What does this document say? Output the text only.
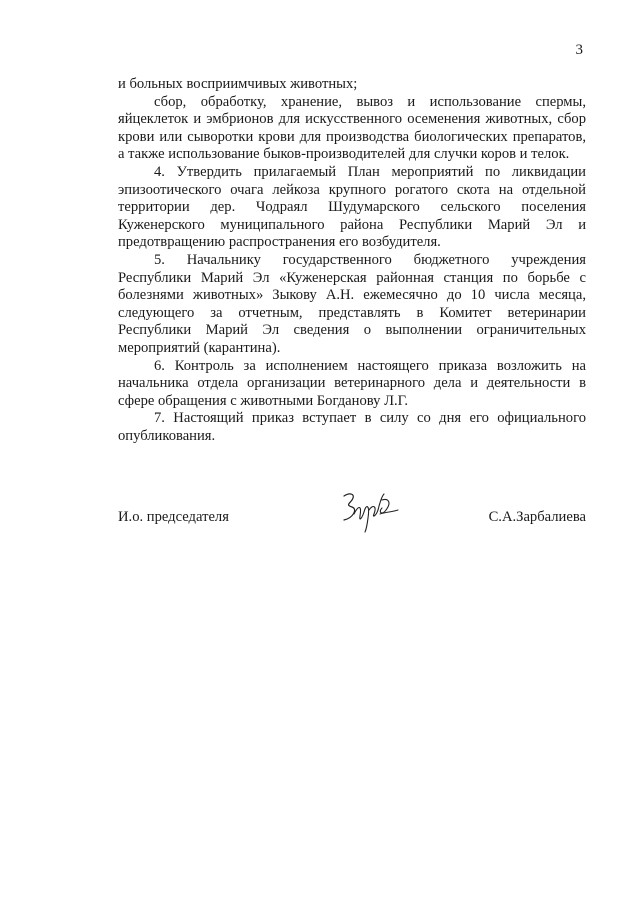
3

и больных восприимчивых животных;

сбор, обработку, хранение, вывоз и использование спермы, яйцеклеток и эмбрионов для искусственного осеменения животных, сбор крови или сыворотки крови для производства биологических препаратов, а также использование быков-производителей для случки коров и телок.

4. Утвердить прилагаемый План мероприятий по ликвидации эпизоотического очага лейкоза крупного рогатого скота на отдельной территории дер. Чодраял Шудумарского сельского поселения Куженерского муниципального района Республики Марий Эл и предотвращению распространения его возбудителя.

5. Начальнику государственного бюджетного учреждения Республики Марий Эл «Куженерская районная станция по борьбе с болезнями животных» Зыкову А.Н. ежемесячно до 10 числа месяца, следующего за отчетным, представлять в Комитет ветеринарии Республики Марий Эл сведения о выполнении ограничительных мероприятий (карантина).

6. Контроль за исполнением настоящего приказа возложить на начальника отдела организации ветеринарного дела и деятельности в сфере обращения с животными Богданову Л.Г.

7. Настоящий приказ вступает в силу со дня его официального опубликования.

И.о. председателя	С.А.Зарбалиева
